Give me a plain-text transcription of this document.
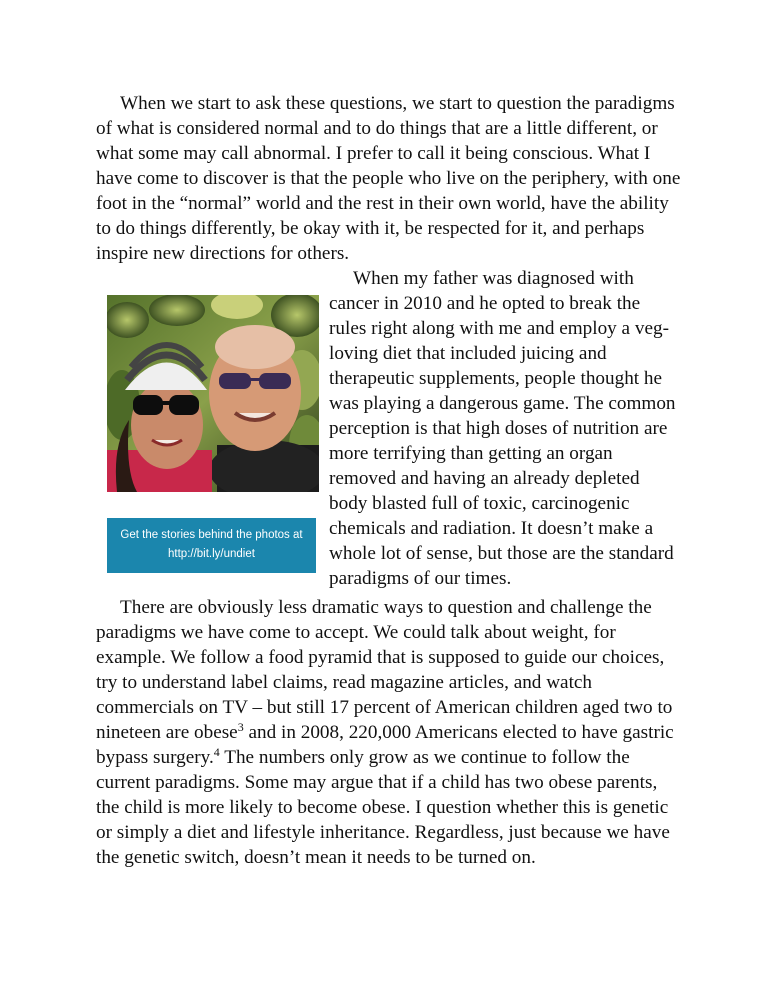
When we start to ask these questions, we start to question the paradigms
of what is considered normal and to do things that are a little different, or
what some may call abnormal. I prefer to call it being conscious. What I
have come to discover is that the people who live on the periphery, with one
foot in the “normal” world and the rest in their own world, have the ability
to do things differently, be okay with it, be respected for it, and perhaps
inspire new directions for others.
Get the stories behind the photos at
http://bit.ly/undiet
When my father was diagnosed with
cancer in 2010 and he opted to break the
rules right along with me and employ a veg-
loving diet that included juicing and
therapeutic supplements, people thought he
was playing a dangerous game. The common
perception is that high doses of nutrition are
more terrifying than getting an organ
removed and having an already depleted
body blasted full of toxic, carcinogenic
chemicals and radiation. It doesn’t make a
whole lot of sense, but those are the standard
paradigms of our times.
There are obviously less dramatic ways to question and challenge the
paradigms we have come to accept. We could talk about weight, for
example. We follow a food pyramid that is supposed to guide our choices,
try to understand label claims, read magazine articles, and watch
commercials on TV – but still 17 percent of American children aged two to
nineteen are obese$^3$ and in 2008, 220,000 Americans elected to have gastric
bypass surgery.$^4$ The numbers only grow as we continue to follow the
current paradigms. Some may argue that if a child has two obese parents,
the child is more likely to become obese. I question whether this is genetic
or simply a diet and lifestyle inheritance. Regardless, just because we have
the genetic switch, doesn’t mean it needs to be turned on.
